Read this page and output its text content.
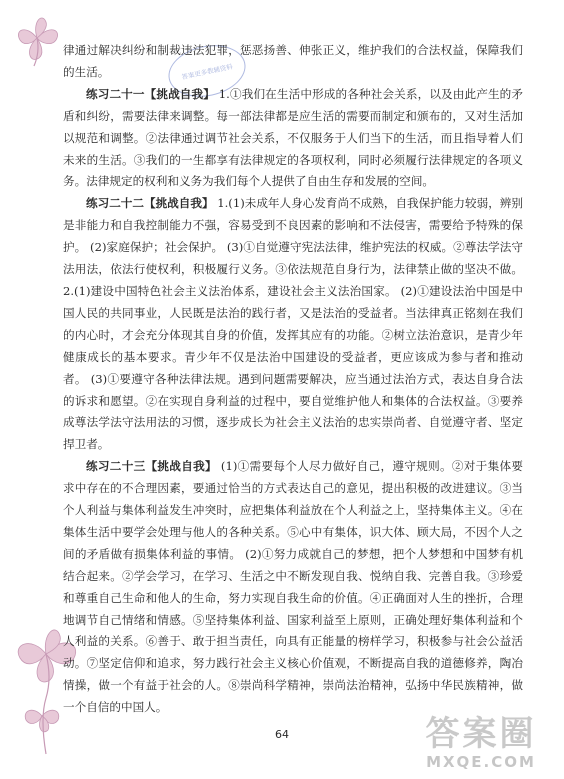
答案更多教辅资料

律通过解决纠纷和制裁违法犯罪，惩恶扬善、伸张正义，维护我们的合法权益，保障我们的生活。

练习二十一【挑战自我】 1.①我们在生活中形成的各种社会关系，以及由此产生的矛盾和纠纷，需要法律来调整。每一部法律都是应生活的需要而制定和颁布的，又对生活加以规范和调整。②法律通过调节社会关系，不仅服务于人们当下的生活，而且指导着人们未来的生活。③我们的一生都享有法律规定的各项权利，同时必须履行法律规定的各项义务。法律规定的权利和义务为我们每个人提供了自由生存和发展的空间。

练习二十二【挑战自我】 1.(1)未成年人身心发育尚不成熟，自我保护能力较弱，辨别是非能力和自我控制能力不强，容易受到不良因素的影响和不法侵害，需要给予特殊的保护。 (2)家庭保护；社会保护。 (3)①自觉遵守宪法法律，维护宪法的权威。②尊法学法守法用法，依法行使权利，积极履行义务。③依法规范自身行为，法律禁止做的坚决不做。 2.(1)建设中国特色社会主义法治体系，建设社会主义法治国家。 (2)①建设法治中国是中国人民的共同事业，人民既是法治的践行者，又是法治的受益者。当法律真正铭刻在我们的内心时，才会充分体现其自身的价值，发挥其应有的功能。②树立法治意识，是青少年健康成长的基本要求。青少年不仅是法治中国建设的受益者，更应该成为参与者和推动者。 (3)①要遵守各种法律法规。遇到问题需要解决，应当通过法治方式，表达自身合法的诉求和愿望。②在实现自身利益的过程中，要自觉维护他人和集体的合法权益。③要养成尊法学法守法用法的习惯，逐步成长为社会主义法治的忠实崇尚者、自觉遵守者、坚定捍卫者。

练习二十三【挑战自我】 (1)①需要每个人尽力做好自己，遵守规则。②对于集体要求中存在的不合理因素，要通过恰当的方式表达自己的意见，提出积极的改进建议。③当个人利益与集体利益发生冲突时，应把集体利益放在个人利益之上，坚持集体主义。④在集体生活中要学会处理与他人的各种关系。⑤心中有集体，识大体、顾大局，不因个人之间的矛盾做有损集体利益的事情。 (2)①努力成就自己的梦想，把个人梦想和中国梦有机结合起来。②学会学习，在学习、生活之中不断发现自我、悦纳自我、完善自我。③珍爱和尊重自己生命和他人的生命，努力实现自我生命的价值。④正确面对人生的挫折，合理地调节自己情绪和情感。⑤坚持集体利益、国家利益至上原则，正确处理好集体利益和个人利益的关系。⑥善于、敢于担当责任，向具有正能量的榜样学习，积极参与社会公益活动。⑦坚定信仰和追求，努力践行社会主义核心价值观，不断提高自我的道德修养，陶冶情操，做一个有益于社会的人。⑧崇尚科学精神，崇尚法治精神，弘扬中华民族精神，做一个自信的中国人。

64	答案圈
MXQE.COM
